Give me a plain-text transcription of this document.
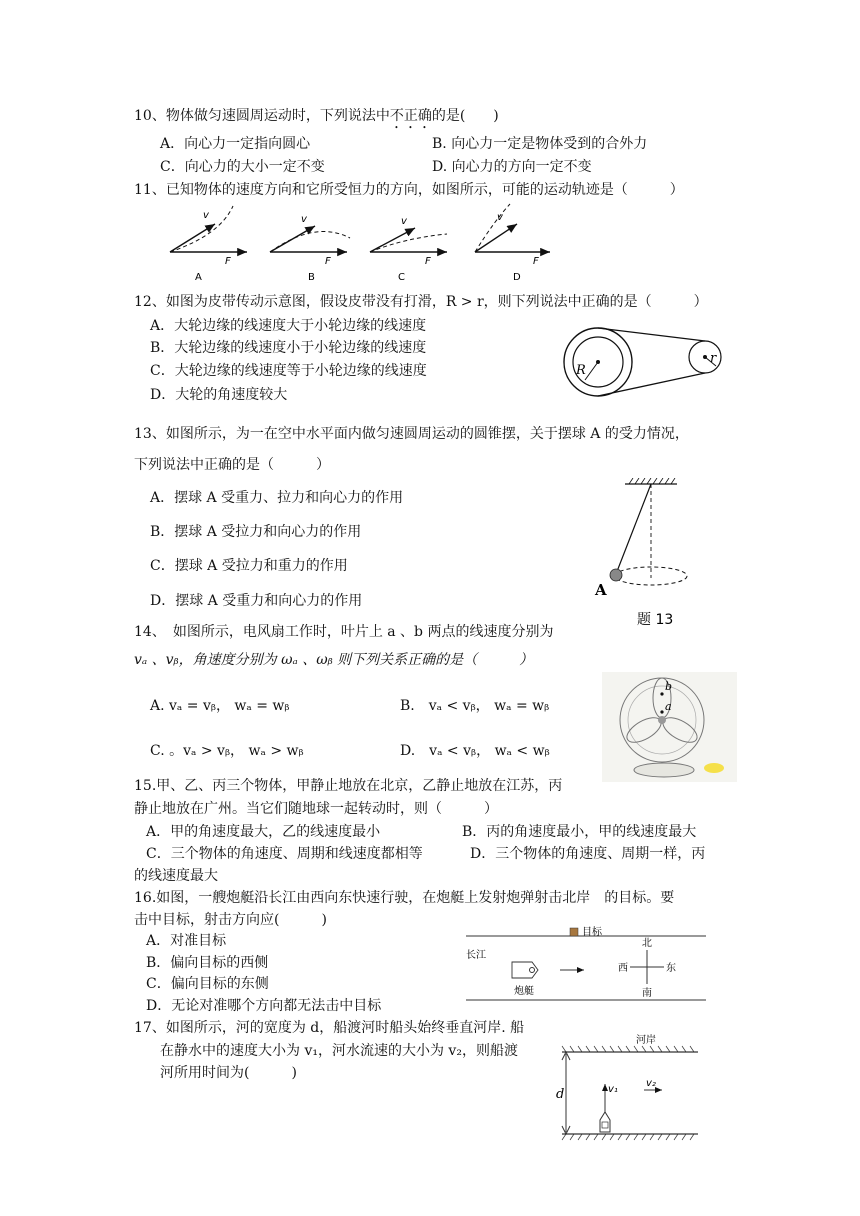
10、物体做匀速圆周运动时，下列说法中不正确的是(　　)
A．向心力一定指向圆心	B. 向心力一定是物体受到的合外力
C．向心力的大小一定不变	D. 向心力的方向一定不变
11、已知物体的速度方向和它所受恒力的方向，如图所示，可能的运动轨迹是（　　　）
v
F
A
v
F
B
v
F
C
v
F
D
12、如图为皮带传动示意图，假设皮带没有打滑，R > r，则下列说法中正确的是（　　　）
A．大轮边缘的线速度大于小轮边缘的线速度
B．大轮边缘的线速度小于小轮边缘的线速度
C．大轮边缘的线速度等于小轮边缘的线速度
D．大轮的角速度较大
R
r
13、如图所示，为一在空中水平面内做匀速圆周运动的圆锥摆，关于摆球 A 的受力情况，
下列说法中正确的是（　　　）
A．摆球 A 受重力、拉力和向心力的作用
B．摆球 A 受拉力和向心力的作用
C．摆球 A 受拉力和重力的作用
D．摆球 A 受重力和向心力的作用
A
题 13
14、　如图所示，电风扇工作时，叶片上 a 、b 两点的线速度分别为
vₐ 、vᵦ，角速度分别为 ωₐ 、ωᵦ 则下列关系正确的是（　　　）
A. vₐ = vᵦ， wₐ = wᵦ	B.　vₐ < vᵦ， wₐ = wᵦ
C. 。vₐ > vᵦ， wₐ > wᵦ	D.　vₐ < vᵦ， wₐ < wᵦ
b
a
15.甲、乙、丙三个物体，甲静止地放在北京，乙静止地放在江苏，丙
静止地放在广州。当它们随地球一起转动时，则（　　　）
A．甲的角速度最大，乙的线速度最小	B．丙的角速度最小，甲的线速度最大
C．三个物体的角速度、周期和线速度都相等	D．三个物体的角速度、周期一样，丙
的线速度最大
16.如图，一艘炮艇沿长江由西向东快速行驶，在炮艇上发射炮弹射击北岸　的目标。要
击中目标，射击方向应(　　　)
A．对准目标
B．偏向目标的西侧
C．偏向目标的东侧
D．无论对准哪个方向都无法击中目标
目标
长江
炮艇
北
南
西	东
17、如图所示，河的宽度为 d，船渡河时船头始终垂直河岸. 船
在静水中的速度大小为 v₁，河水流速的大小为 v₂，则船渡
河所用时间为(　　　)
河岸
d	v₁
v₂
